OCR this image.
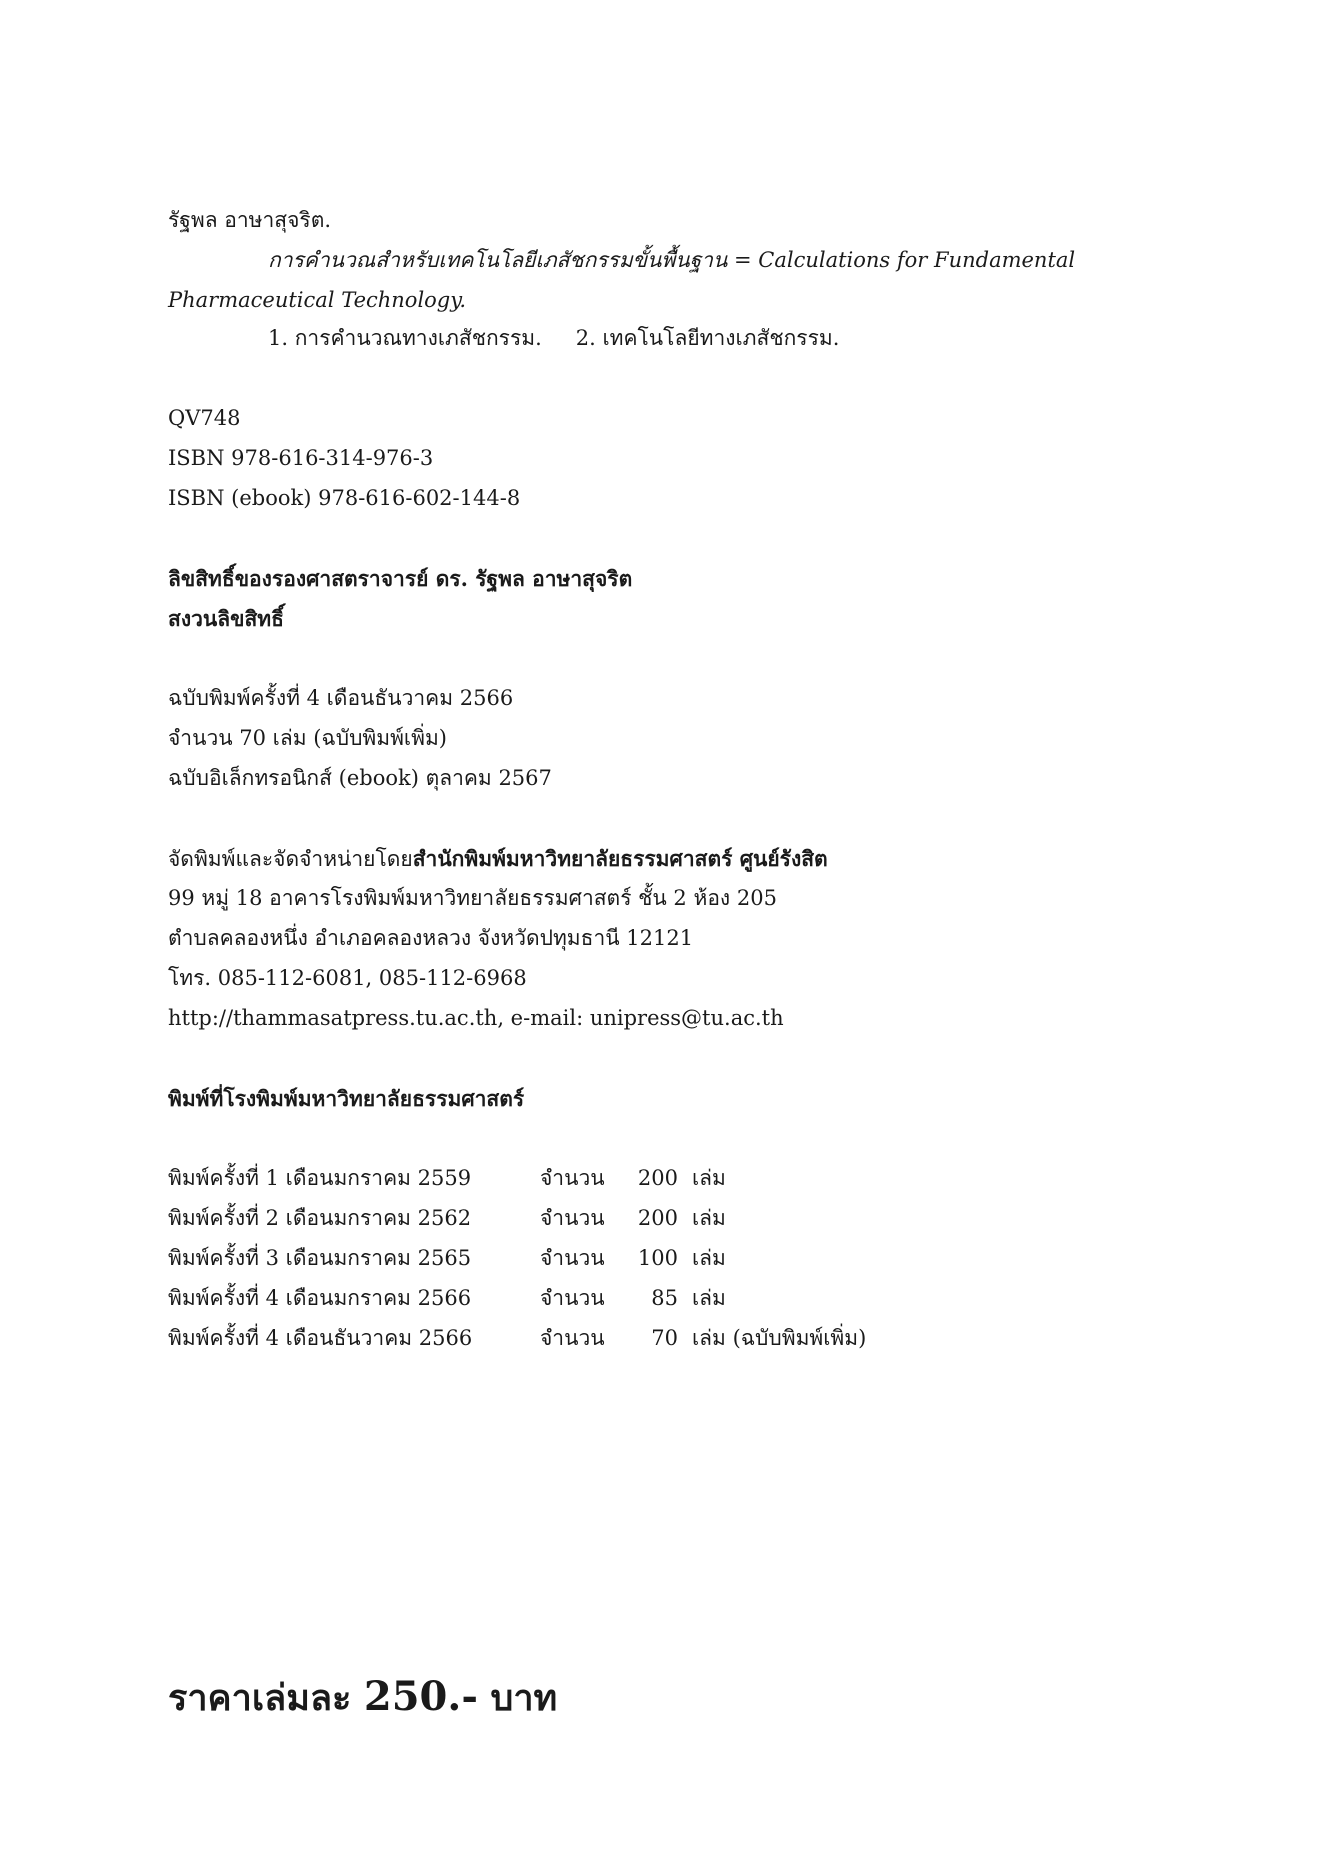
รัฐพล อาษาสุจริต.
การคำนวณสำหรับเทคโนโลยีเภสัชกรรมขั้นพื้นฐาน = Calculations for Fundamental
Pharmaceutical Technology.
1. การคำนวณทางเภสัชกรรม. 2. เทคโนโลยีทางเภสัชกรรม.
QV748
ISBN 978-616-314-976-3
ISBN (ebook) 978-616-602-144-8
ลิขสิทธิ์ของรองศาสตราจารย์ ดร. รัฐพล อาษาสุจริต
สงวนลิขสิทธิ์
ฉบับพิมพ์ครั้งที่ 4 เดือนธันวาคม 2566
จำนวน 70 เล่ม (ฉบับพิมพ์เพิ่ม)
ฉบับอิเล็กทรอนิกส์ (ebook) ตุลาคม 2567
จัดพิมพ์และจัดจำหน่ายโดยสำนักพิมพ์มหาวิทยาลัยธรรมศาสตร์ ศูนย์รังสิต
99 หมู่ 18 อาคารโรงพิมพ์มหาวิทยาลัยธรรมศาสตร์ ชั้น 2 ห้อง 205
ตำบลคลองหนึ่ง อำเภอคลองหลวง จังหวัดปทุมธานี 12121
โทร. 085-112-6081, 085-112-6968
http://thammasatpress.tu.ac.th, e-mail: unipress@tu.ac.th
พิมพ์ที่โรงพิมพ์มหาวิทยาลัยธรรมศาสตร์
พิมพ์ครั้งที่ 1 เดือนมกราคม 2559	จำนวน 200 เล่ม
พิมพ์ครั้งที่ 2 เดือนมกราคม 2562	จำนวน 200 เล่ม
พิมพ์ครั้งที่ 3 เดือนมกราคม 2565	จำนวน 100 เล่ม
พิมพ์ครั้งที่ 4 เดือนมกราคม 2566	จำนวน 85 เล่ม
พิมพ์ครั้งที่ 4 เดือนธันวาคม 2566	จำนวน 70 เล่ม (ฉบับพิมพ์เพิ่ม)
ราคาเล่มละ 250.- บาท
